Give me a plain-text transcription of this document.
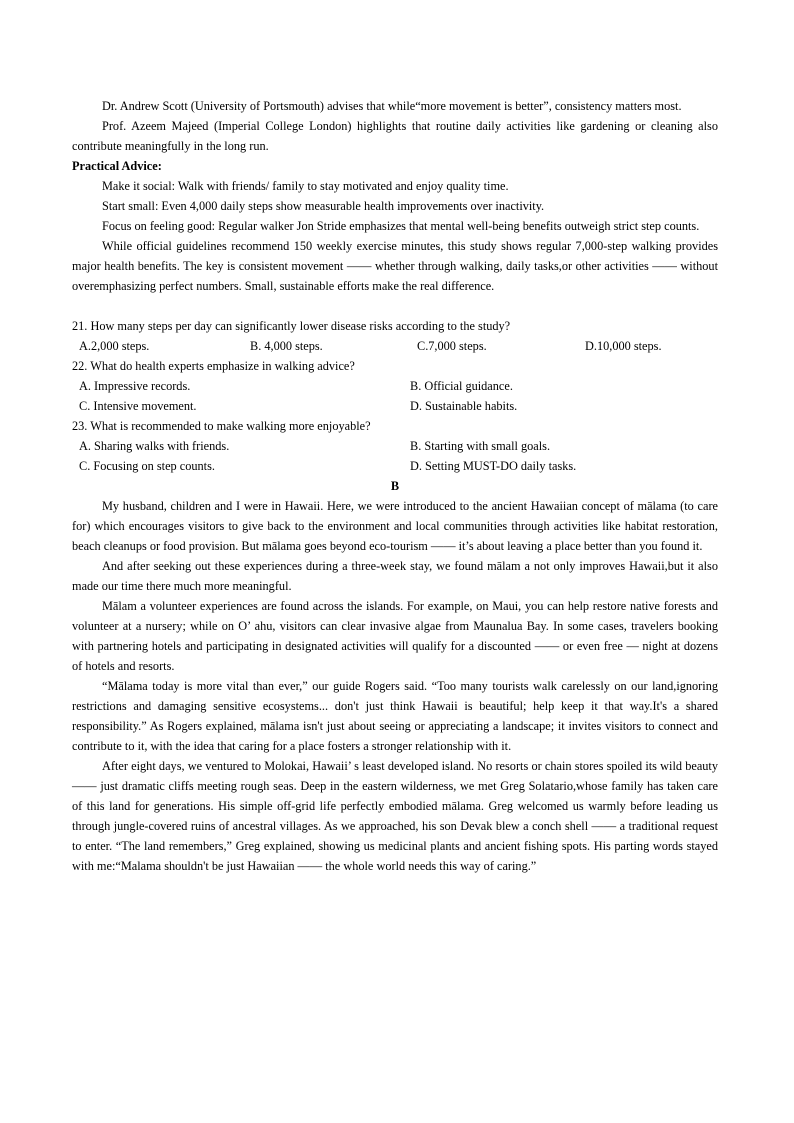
Dr. Andrew Scott (University of Portsmouth) advises that while“more movement is better”, consistency matters most.

Prof. Azeem Majeed (Imperial College London) highlights that routine daily activities like gardening or cleaning also contribute meaningfully in the long run.

Practical Advice:

Make it social: Walk with friends/ family to stay motivated and enjoy quality time.

Start small: Even 4,000 daily steps show measurable health improvements over inactivity.

Focus on feeling good: Regular walker Jon Stride emphasizes that mental well-being benefits outweigh strict step counts.

While official guidelines recommend 150 weekly exercise minutes, this study shows regular 7,000-step walking provides major health benefits. The key is consistent movement —— whether through walking, daily tasks,or other activities —— without overemphasizing perfect numbers. Small, sustainable efforts make the real difference.

21. How many steps per day can significantly lower disease risks according to the study?

A.2,000 steps.	B. 4,000 steps.	C.7,000 steps.	D.10,000 steps.

22. What do health experts emphasize in walking advice?

A. Impressive records.	B. Official guidance.
C. Intensive movement.	D. Sustainable habits.

23. What is recommended to make walking more enjoyable?

A. Sharing walks with friends.	B. Starting with small goals.
C. Focusing on step counts.	D. Setting MUST-DO daily tasks.

B

My husband, children and I were in Hawaii. Here, we were introduced to the ancient Hawaiian concept of mālama (to care for) which encourages visitors to give back to the environment and local communities through activities like habitat restoration, beach cleanups or food provision. But mālama goes beyond eco-tourism —— it’s about leaving a place better than you found it.

And after seeking out these experiences during a three-week stay, we found mālam a not only improves Hawaii,but it also made our time there much more meaningful.

Mālam a volunteer experiences are found across the islands. For example, on Maui, you can help restore native forests and volunteer at a nursery; while on O’ ahu, visitors can clear invasive algae from Maunalua Bay. In some cases, travelers booking with partnering hotels and participating in designated activities will qualify for a discounted —— or even free — night at dozens of hotels and resorts.

“Mālama today is more vital than ever,” our guide Rogers said. “Too many tourists walk carelessly on our land,ignoring restrictions and damaging sensitive ecosystems... don't just think Hawaii is beautiful; help keep it that way.It's a shared responsibility.” As Rogers explained, mālama isn't just about seeing or appreciating a landscape; it invites visitors to connect and contribute to it, with the idea that caring for a place fosters a stronger relationship with it.

After eight days, we ventured to Molokai, Hawaii’ s least developed island. No resorts or chain stores spoiled its wild beauty —— just dramatic cliffs meeting rough seas. Deep in the eastern wilderness, we met Greg Solatario,whose family has taken care of this land for generations. His simple off-grid life perfectly embodied mālama. Greg welcomed us warmly before leading us through jungle-covered ruins of ancestral villages. As we approached, his son Devak blew a conch shell —— a traditional request to enter. “The land remembers,” Greg explained, showing us medicinal plants and ancient fishing spots. His parting words stayed with me:“Malama shouldn't be just Hawaiian —— the whole world needs this way of caring.”
